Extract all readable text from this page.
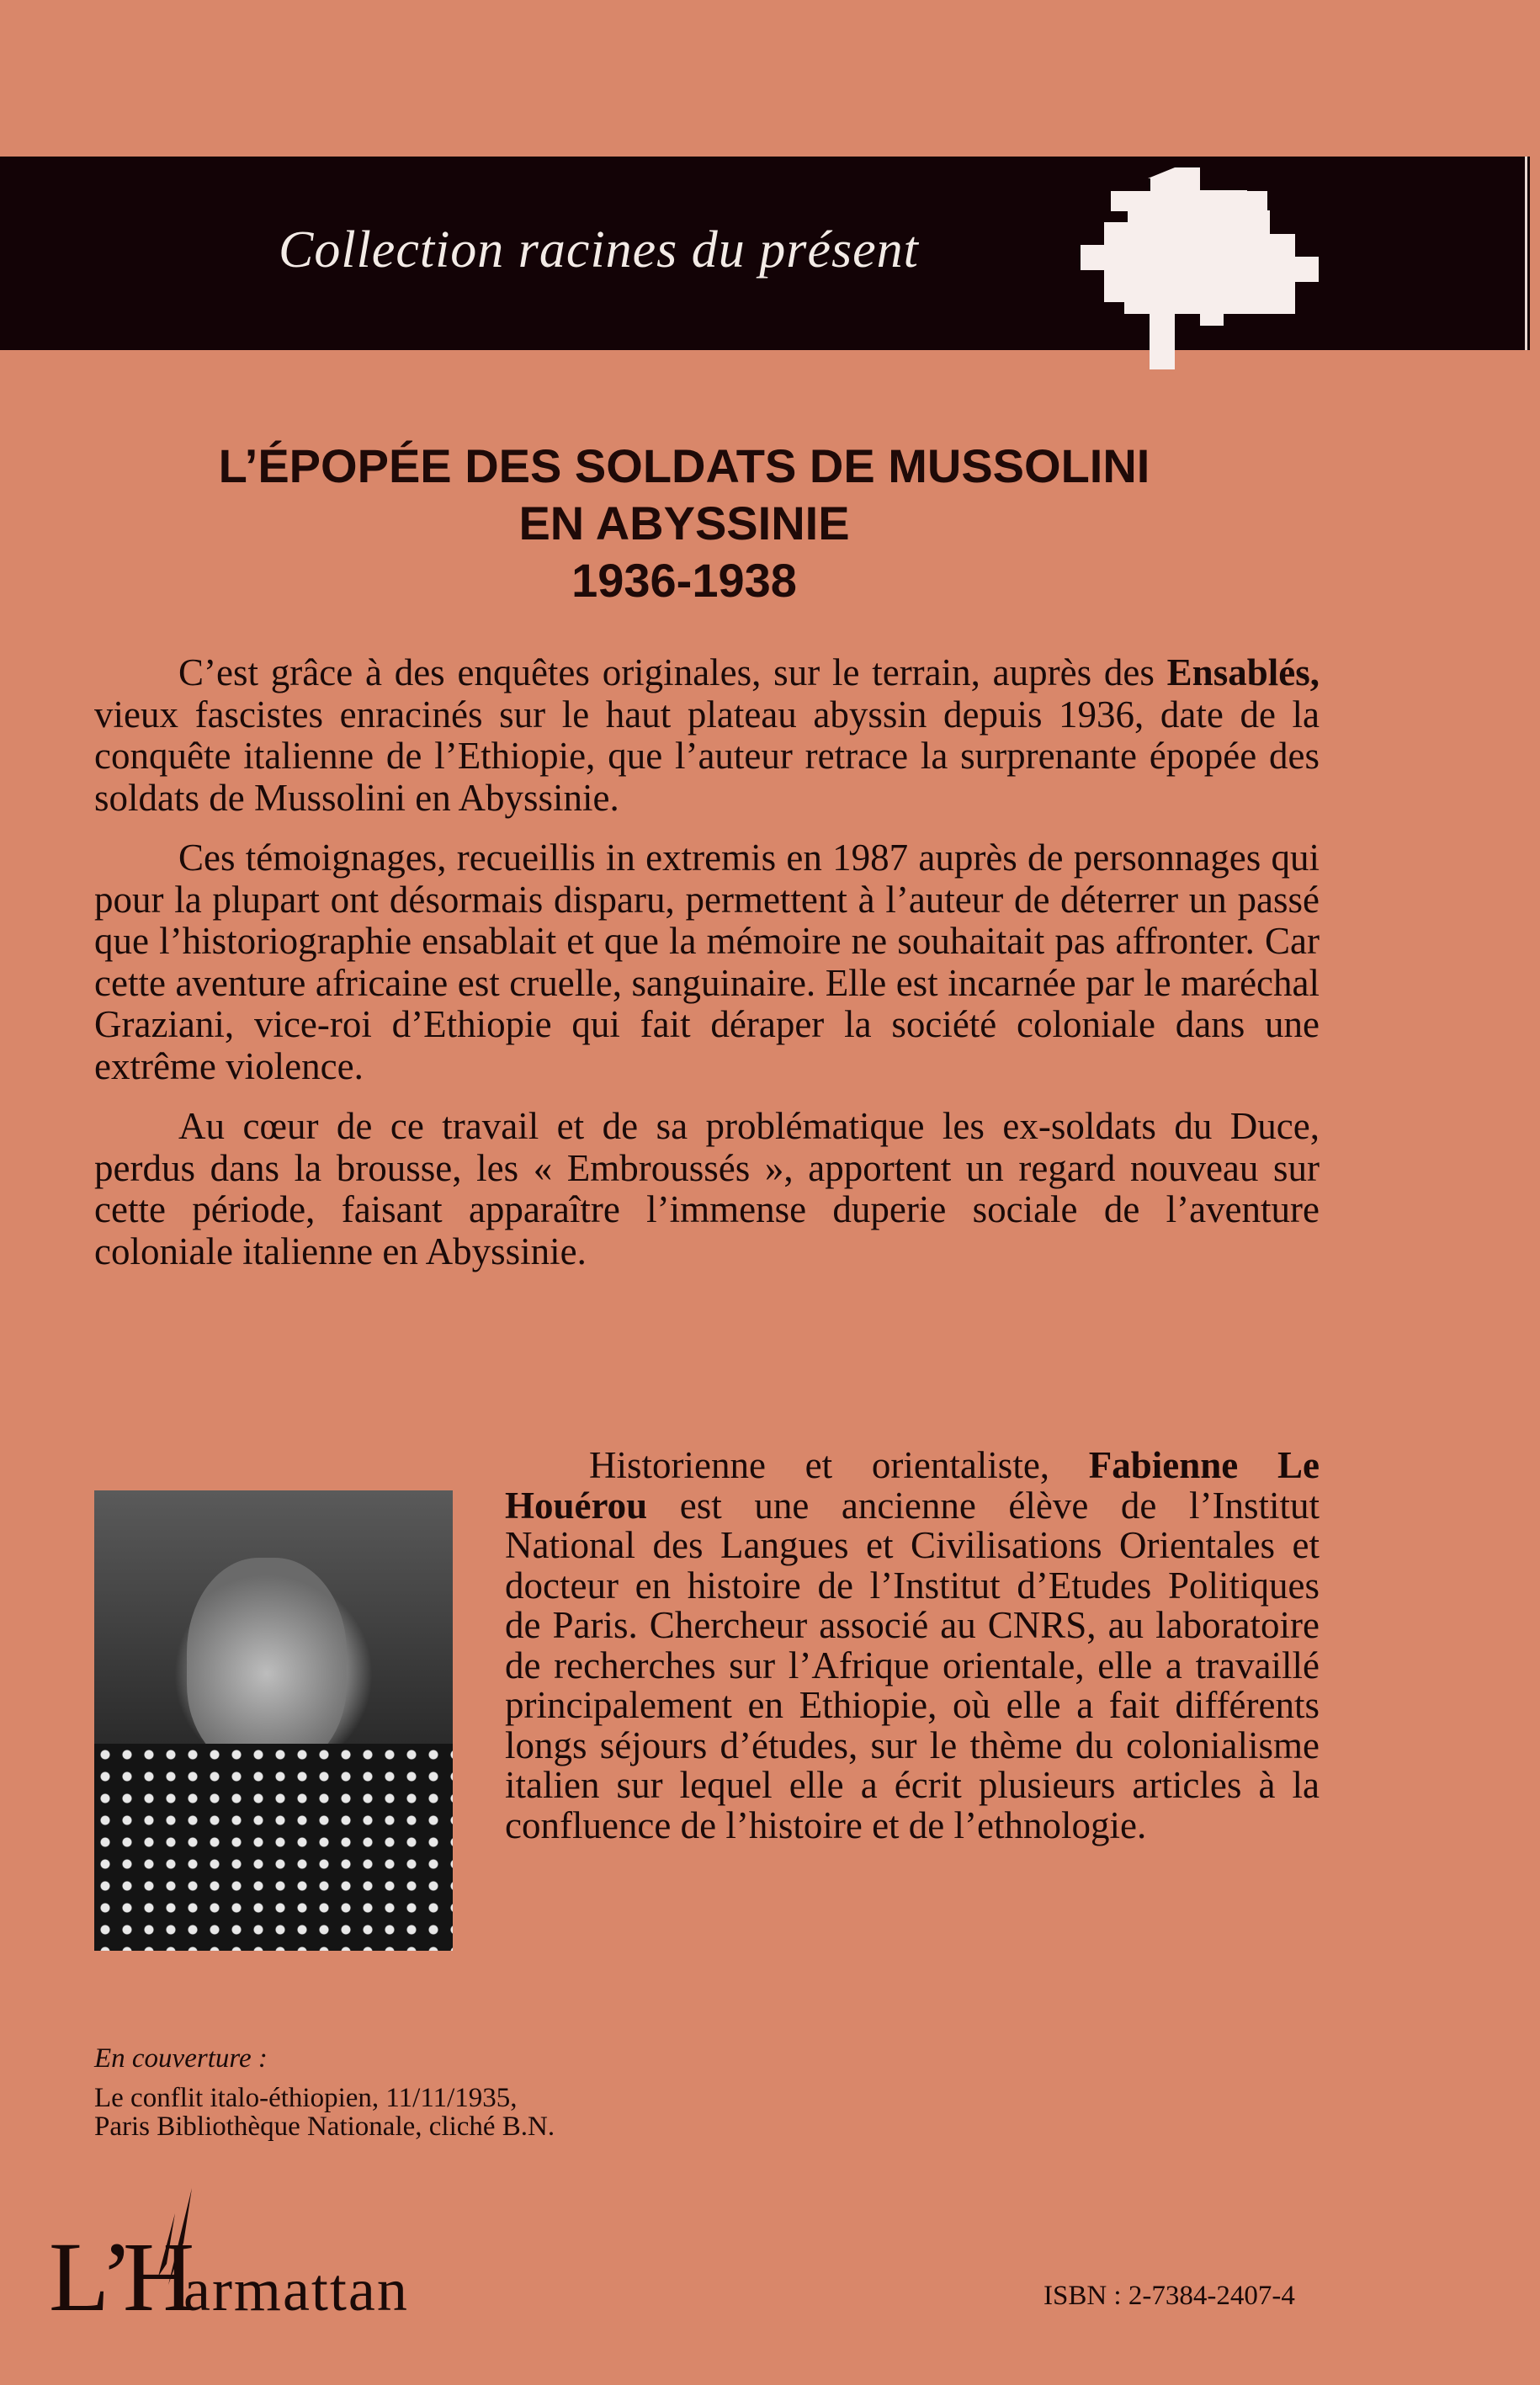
Collection racines du présent
L’ÉPOPÉE DES SOLDATS DE MUSSOLINI
EN ABYSSINIE
1936-1938

C’est grâce à des enquêtes originales, sur le terrain, auprès des Ensablés, vieux fascistes enracinés sur le haut plateau abyssin depuis 1936, date de la conquête italienne de l’Ethiopie, que l’auteur retrace la surprenante épopée des soldats de Mussolini en Abyssinie.

Ces témoignages, recueillis in extremis en 1987 auprès de personnages qui pour la plupart ont désormais disparu, permettent à l’auteur de déterrer un passé que l’historiographie ensablait et que la mémoire ne souhaitait pas affronter. Car cette aventure africaine est cruelle, sanguinaire. Elle est incarnée par le maréchal Graziani, vice-roi d’Ethiopie qui fait déraper la société coloniale dans une extrême violence.

Au cœur de ce travail et de sa problématique les ex-soldats du Duce, perdus dans la brousse, les « Embroussés », apportent un regard nouveau sur cette période, faisant apparaître l’immense duperie sociale de l’aventure coloniale italienne en Abyssinie.

Historienne et orientaliste, Fabienne Le Houérou est une ancienne élève de l’Institut National des Langues et Civilisations Orientales et docteur en histoire de l’Institut d’Etudes Politiques de Paris. Chercheur associé au CNRS, au laboratoire de recherches sur l’Afrique orientale, elle a travaillé principalement en Ethiopie, où elle a fait différents longs séjours d’études, sur le thème du colonialisme italien sur lequel elle a écrit plusieurs articles à la confluence de l’histoire et de l’ethnologie.

En couverture :
Le conflit italo-éthiopien, 11/11/1935,
Paris Bibliothèque Nationale, cliché B.N.
L’
H
armattan	ISBN : 2-7384-2407-4
